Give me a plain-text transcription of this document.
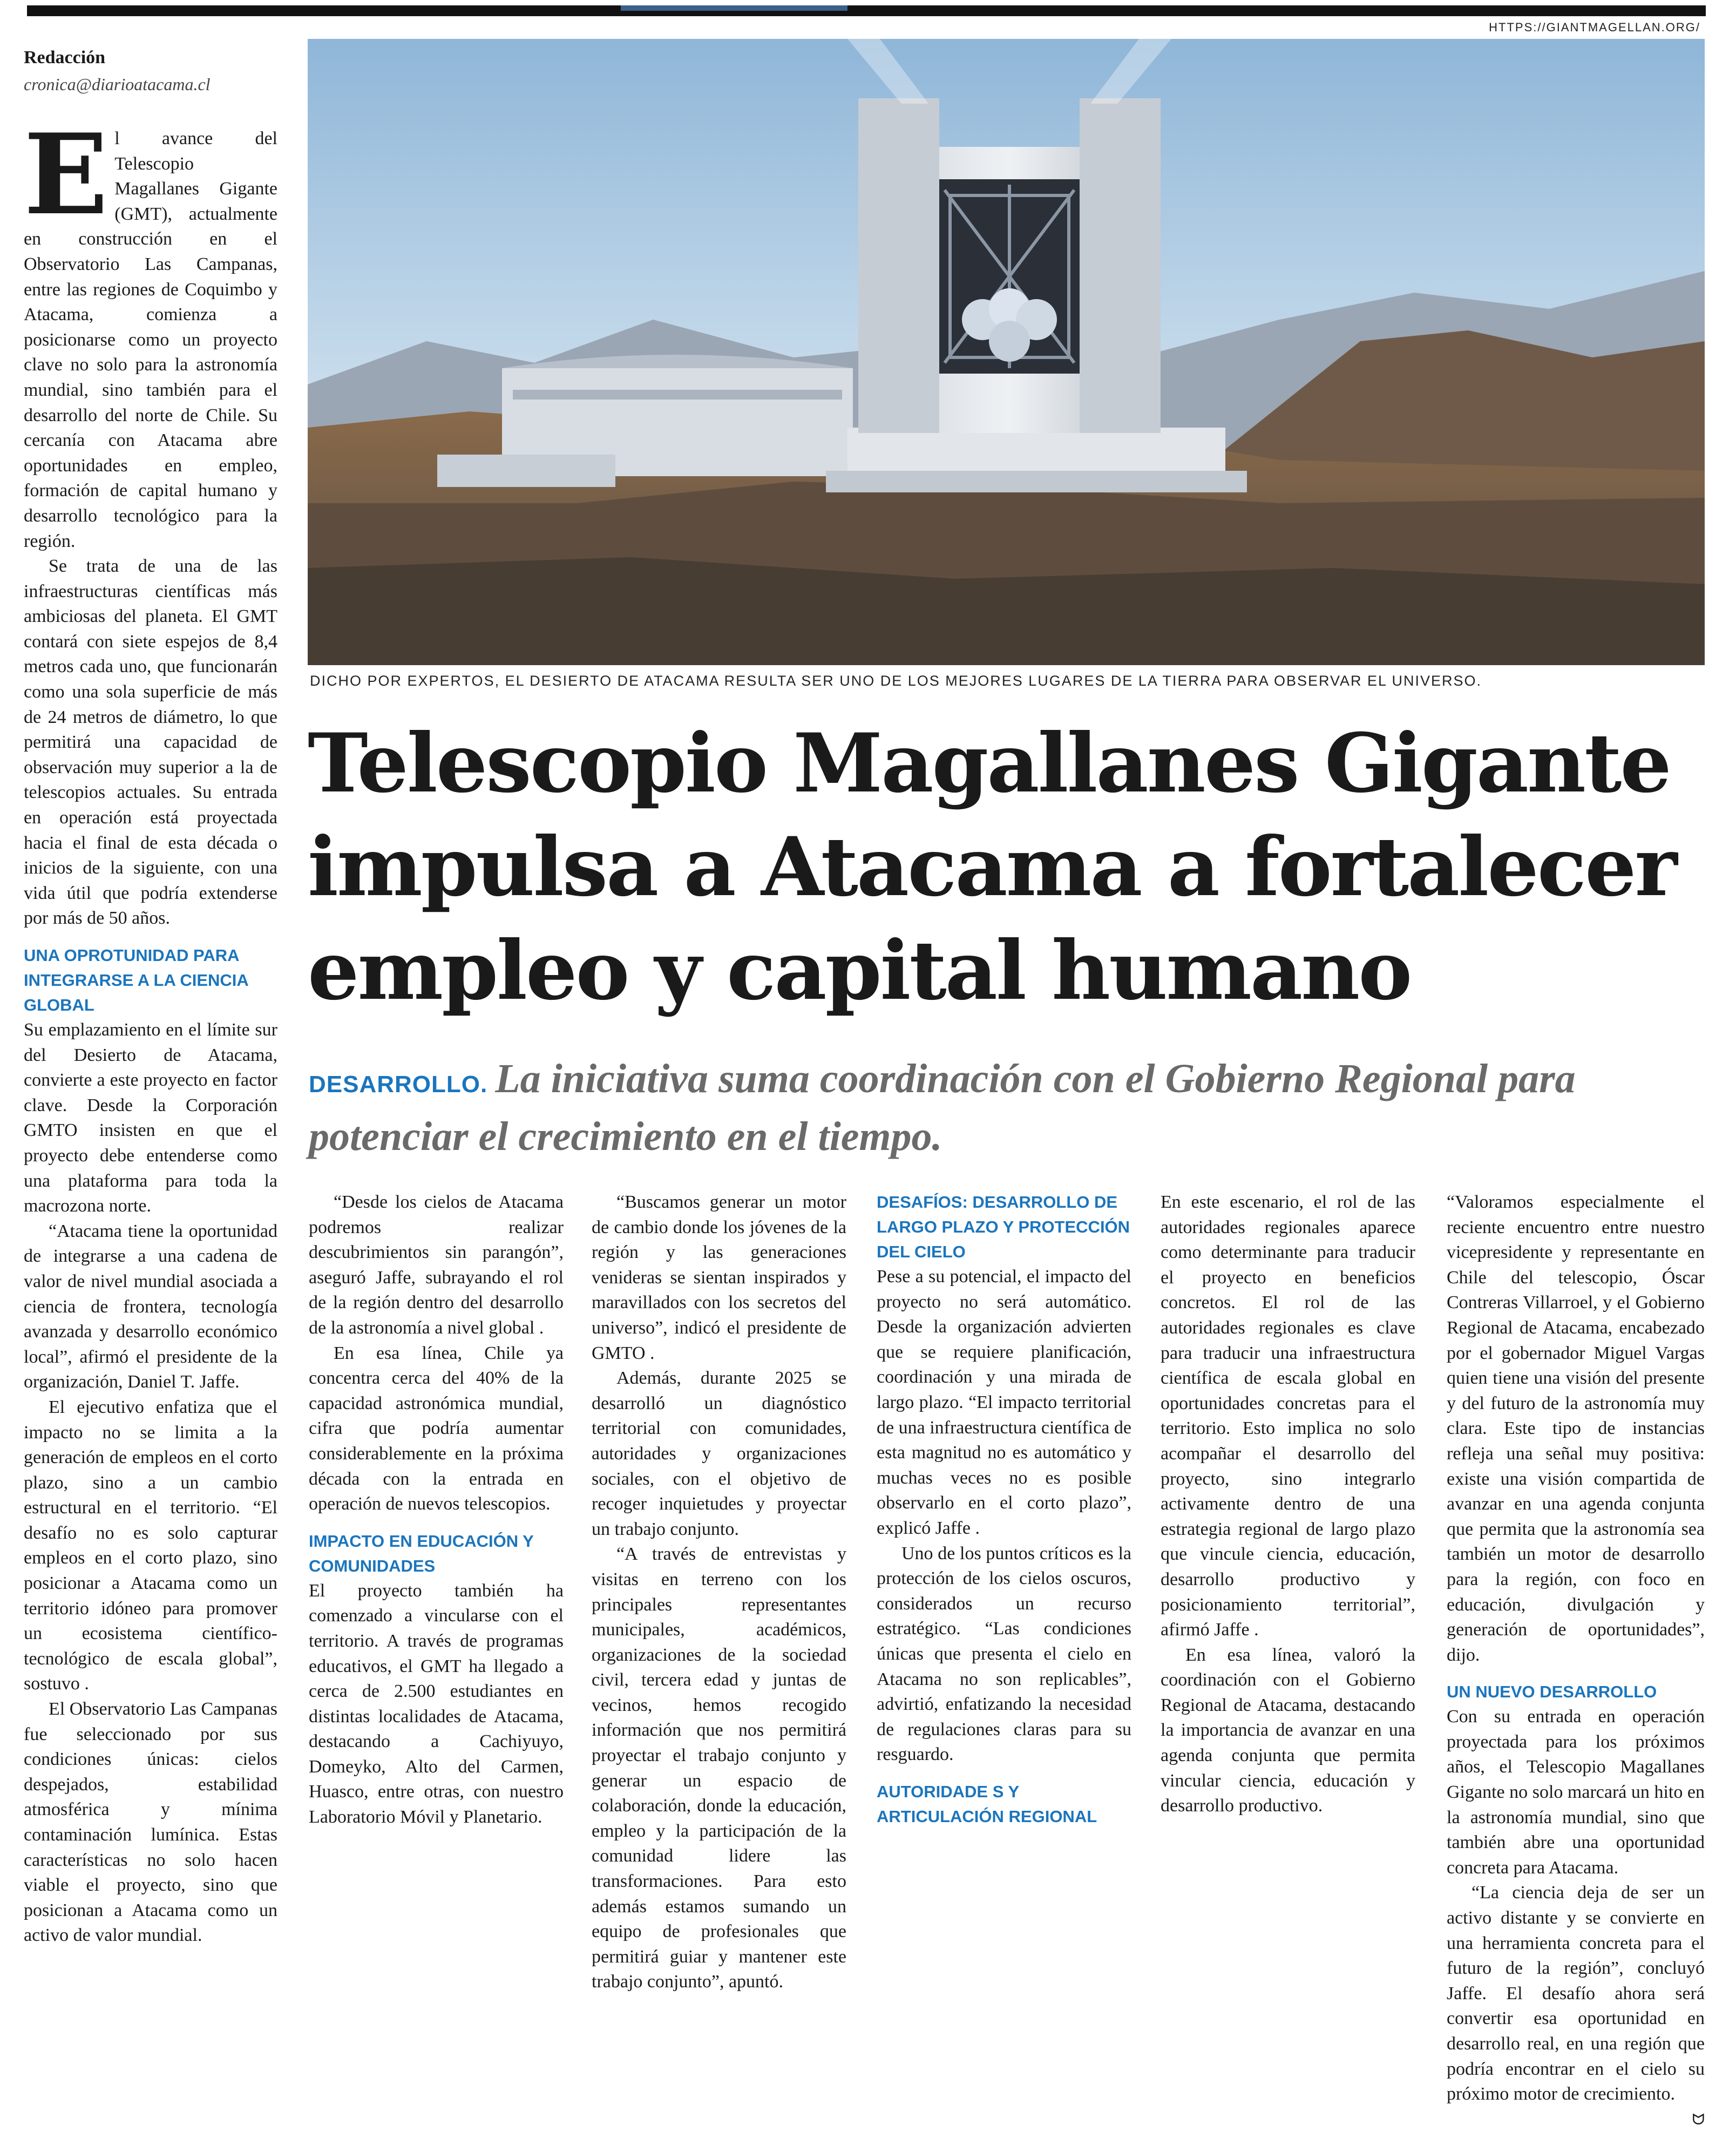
HTTPS://GIANTMAGELLAN.ORG/
Redacción
cronica@diarioatacama.cl
DICHO POR EXPERTOS, EL DESIERTO DE ATACAMA RESULTA SER UNO DE LOS MEJORES LUGARES DE LA TIERRA PARA OBSERVAR EL UNIVERSO.
Telescopio Magallanes Gigante
impulsa a Atacama a fortalecer
empleo y capital humano
DESARROLLO. La iniciativa suma coordinación con el Gobierno Regional para potenciar el crecimiento en el tiempo.
E l avance del Telescopio Magallanes Gigante (GMT), actualmente en construcción en el Observatorio Las Campanas, entre las regiones de Coquimbo y Atacama, comienza a posicionarse como un proyecto clave no solo para la astronomía mundial, sino también para el desarrollo del norte de Chile. Su cercanía con Atacama abre oportunidades en empleo, formación de capital humano y desarrollo tecnológico para la región.

Se trata de una de las infraestructuras científicas más ambiciosas del planeta. El GMT contará con siete espejos de 8,4 metros cada uno, que funcionarán como una sola superficie de más de 24 metros de diámetro, lo que permitirá una capacidad de observación muy superior a la de telescopios actuales. Su entrada en operación está proyectada hacia el final de esta década o inicios de la siguiente, con una vida útil que podría extenderse por más de 50 años.

UNA OPROTUNIDAD PARA INTEGRARSE A LA CIENCIA GLOBAL

Su emplazamiento en el límite sur del Desierto de Atacama, convierte a este proyecto en factor clave. Desde la Corporación GMTO insisten en que el proyecto debe entenderse como una plataforma para toda la macrozona norte.

“Atacama tiene la oportunidad de integrarse a una cadena de valor de nivel mundial asociada a ciencia de frontera, tecnología avanzada y desarrollo económico local”, afirmó el presidente de la organización, Daniel T. Jaffe.

El ejecutivo enfatiza que el impacto no se limita a la generación de empleos en el corto plazo, sino a un cambio estructural en el territorio. “El desafío no es solo capturar empleos en el corto plazo, sino posicionar a Atacama como un territorio idóneo para promover un ecosistema científico-tecnológico de escala global”, sostuvo .

El Observatorio Las Campanas fue seleccionado por sus condiciones únicas: cielos despejados, estabilidad atmosférica y mínima contaminación lumínica. Estas características no solo hacen viable el proyecto, sino que posicionan a Atacama como un activo de valor mundial.

“Desde los cielos de Atacama podremos realizar descubrimientos sin parangón”, aseguró Jaffe, subrayando el rol de la región dentro del desarrollo de la astronomía a nivel global .

En esa línea, Chile ya concentra cerca del 40% de la capacidad astronómica mundial, cifra que podría aumentar considerablemente en la próxima década con la entrada en operación de nuevos telescopios.

IMPACTO EN EDUCACIÓN Y COMUNIDADES

El proyecto también ha comenzado a vincularse con el territorio. A través de programas educativos, el GMT ha llegado a cerca de 2.500 estudiantes en distintas localidades de Atacama, destacando a Cachiyuyo, Domeyko, Alto del Carmen, Huasco, entre otras, con nuestro Laboratorio Móvil y Planetario.

“Buscamos generar un motor de cambio donde los jóvenes de la región y las generaciones venideras se sientan inspirados y maravillados con los secretos del universo”, indicó el presidente de GMTO .

Además, durante 2025 se desarrolló un diagnóstico territorial con comunidades, autoridades y organizaciones sociales, con el objetivo de recoger inquietudes y proyectar un trabajo conjunto.

“A través de entrevistas y visitas en terreno con los principales representantes municipales, académicos, organizaciones de la sociedad civil, tercera edad y juntas de vecinos, hemos recogido información que nos permitirá proyectar el trabajo conjunto y generar un espacio de colaboración, donde la educación, empleo y la participación de la comunidad lidere las transformaciones. Para esto además estamos sumando un equipo de profesionales que permitirá guiar y mantener este trabajo conjunto”, apuntó.

DESAFÍOS: DESARROLLO DE LARGO PLAZO Y PROTECCIÓN DEL CIELO

Pese a su potencial, el impacto del proyecto no será automático. Desde la organización advierten que se requiere planificación, coordinación y una mirada de largo plazo. “El impacto territorial de una infraestructura científica de esta magnitud no es automático y muchas veces no es posible observarlo en el corto plazo”, explicó Jaffe .

Uno de los puntos críticos es la protección de los cielos oscuros, considerados un recurso estratégico. “Las condiciones únicas que presenta el cielo en Atacama no son replicables”, advirtió, enfatizando la necesidad de regulaciones claras para su resguardo.

AUTORIDADE S Y ARTICULACIÓN REGIONAL

En este escenario, el rol de las autoridades regionales aparece como determinante para traducir el proyecto en beneficios concretos. El rol de las autoridades regionales es clave para traducir una infraestructura científica de escala global en oportunidades concretas para el territorio. Esto implica no solo acompañar el desarrollo del proyecto, sino integrarlo activamente dentro de una estrategia regional de largo plazo que vincule ciencia, educación, desarrollo productivo y posicionamiento territorial”, afirmó Jaffe .

En esa línea, valoró la coordinación con el Gobierno Regional de Atacama, destacando la importancia de avanzar en una agenda conjunta que permita vincular ciencia, educación y desarrollo productivo.

“Valoramos especialmente el reciente encuentro entre nuestro vicepresidente y representante en Chile del telescopio, Óscar Contreras Villarroel, y el Gobierno Regional de Atacama, encabezado por el gobernador Miguel Vargas quien tiene una visión del presente y del futuro de la astronomía muy clara. Este tipo de instancias refleja una señal muy positiva: existe una visión compartida de avanzar en una agenda conjunta que permita que la astronomía sea también un motor de desarrollo para la región, con foco en educación, divulgación y generación de oportunidades”, dijo.

UN NUEVO DESARROLLO

Con su entrada en operación proyectada para los próximos años, el Telescopio Magallanes Gigante no solo marcará un hito en la astronomía mundial, sino que también abre una oportunidad concreta para Atacama.

“La ciencia deja de ser un activo distante y se convierte en una herramienta concreta para el futuro de la región”, concluyó Jaffe. El desafío ahora será convertir esa oportunidad en desarrollo real, en una región que podría encontrar en el cielo su próximo motor de crecimiento.

ᗢ
